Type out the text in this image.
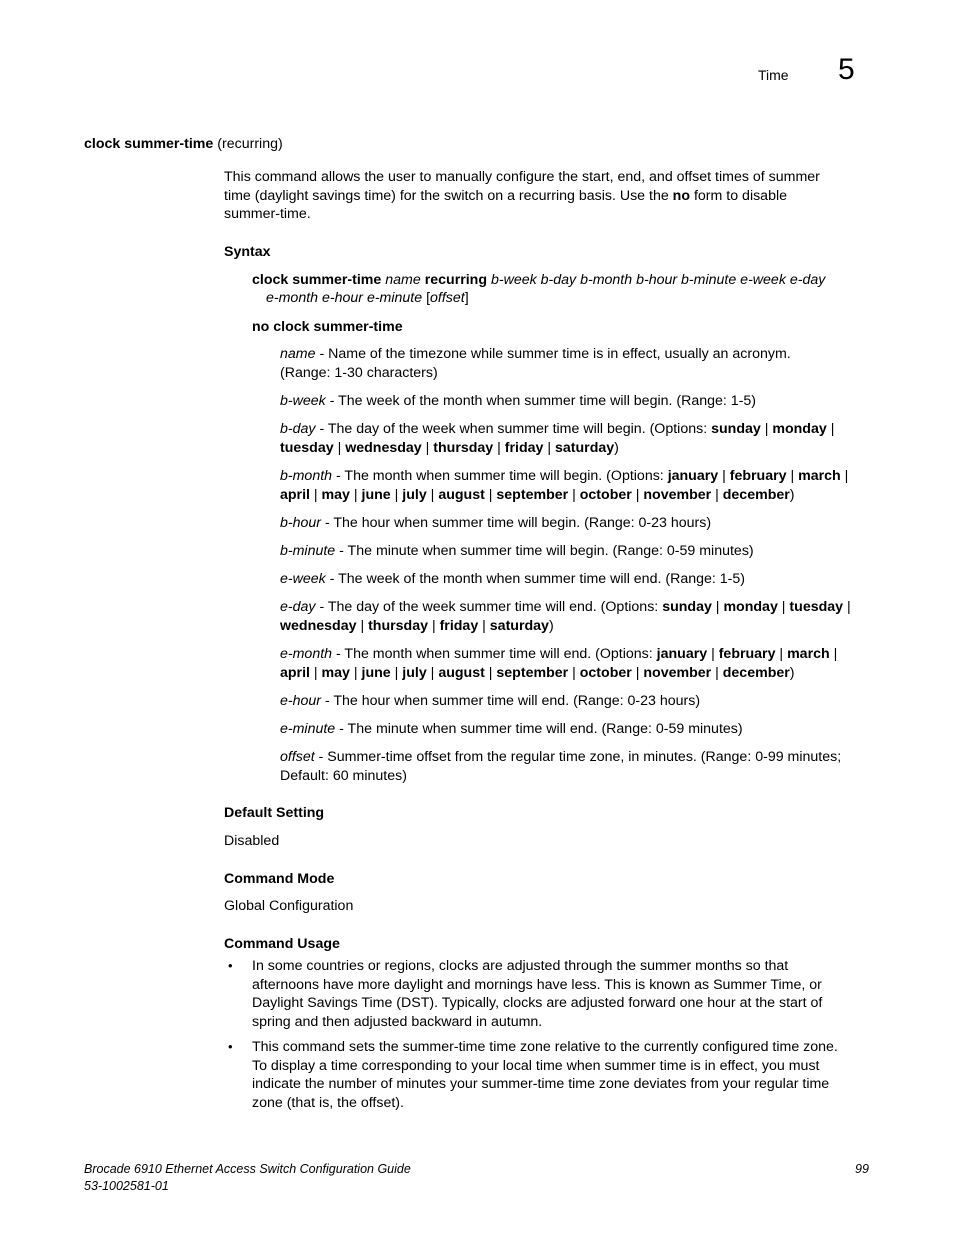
Time 5
clock summer-time (recurring)
This command allows the user to manually configure the start, end, and offset times of summer
time (daylight savings time) for the switch on a recurring basis. Use the no form to disable
summer-time.
Syntax
clock summer-time name recurring b-week b-day b-month b-hour b-minute e-week e-day
e-month e-hour e-minute [offset]
no clock summer-time
name - Name of the timezone while summer time is in effect, usually an acronym.
(Range: 1-30 characters)
b-week - The week of the month when summer time will begin. (Range: 1-5)
b-day - The day of the week when summer time will begin. (Options: sunday | monday |
tuesday | wednesday | thursday | friday | saturday)
b-month - The month when summer time will begin. (Options: january | february | march |
april | may | june | july | august | september | october | november | december)
b-hour - The hour when summer time will begin. (Range: 0-23 hours)
b-minute - The minute when summer time will begin. (Range: 0-59 minutes)
e-week - The week of the month when summer time will end. (Range: 1-5)
e-day - The day of the week summer time will end. (Options: sunday | monday | tuesday |
wednesday | thursday | friday | saturday)
e-month - The month when summer time will end. (Options: january | february | march |
april | may | june | july | august | september | october | november | december)
e-hour - The hour when summer time will end. (Range: 0-23 hours)
e-minute - The minute when summer time will end. (Range: 0-59 minutes)
offset - Summer-time offset from the regular time zone, in minutes. (Range: 0-99 minutes;
Default: 60 minutes)
Default Setting
Disabled
Command Mode
Global Configuration
Command Usage
• In some countries or regions, clocks are adjusted through the summer months so that
afternoons have more daylight and mornings have less. This is known as Summer Time, or
Daylight Savings Time (DST). Typically, clocks are adjusted forward one hour at the start of
spring and then adjusted backward in autumn.
• This command sets the summer-time time zone relative to the currently configured time zone.
To display a time corresponding to your local time when summer time is in effect, you must
indicate the number of minutes your summer-time time zone deviates from your regular time
zone (that is, the offset).
Brocade 6910 Ethernet Access Switch Configuration Guide
53-1002581-01
99
